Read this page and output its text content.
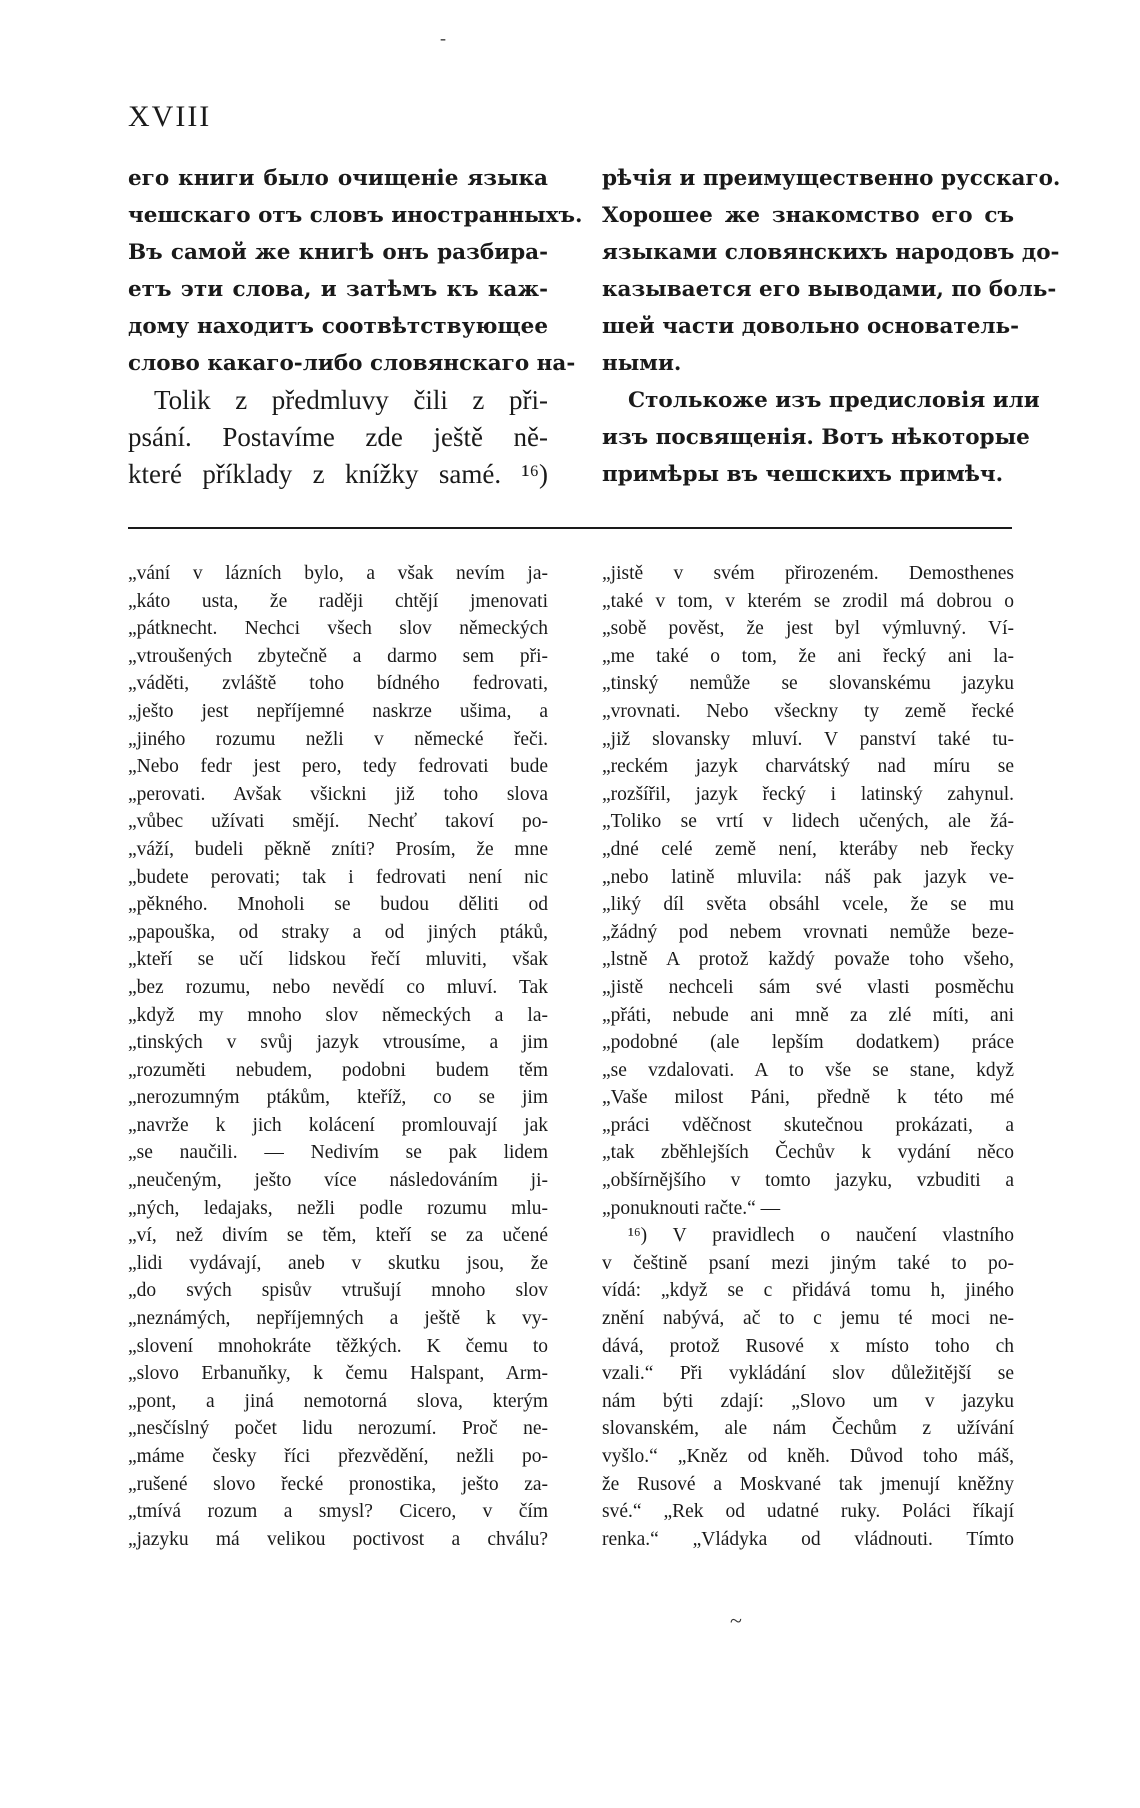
-
XVIII
его книги было очищеніе языка
чешскаго отъ словъ иностранныхъ.
Въ самой же книгѣ онъ разбира-
етъ эти слова, и затѣмъ къ каж-
дому находитъ соотвѣтствующее
слово какаго-либо словянскаго на-
Tolik z předmluvy čili z při-
psání. Postavíme zde ještě ně-
které příklady z knížky samé. ¹⁶)
рѣчія и преимущественно русскаго.
Хорошее же знакомство его съ
языками словянскихъ народовъ до-
казывается его выводами, по боль-
шей части довольно основатель-
ными.
Столькоже изъ предисловія или
изъ посвященія. Вотъ нѣкоторые
примѣры въ чешскихъ примѣч.
„vání v lázních bylo, a však nevím ja-
„káto usta, že raději chtějí jmenovati
„pátknecht. Nechci všech slov německých
„vtroušených zbytečně a darmo sem při-
„váděti, zvláště toho bídného fedrovati,
„ješto jest nepříjemné naskrze ušima, a
„jiného rozumu nežli v německé řeči.
„Nebo fedr jest pero, tedy fedrovati bude
„perovati. Avšak všickni již toho slova
„vůbec užívati smějí. Nechť takoví po-
„váží, budeli pěkně zníti? Prosím, že mne
„budete perovati; tak i fedrovati není nic
„pěkného. Mnoholi se budou děliti od
„papouška, od straky a od jiných ptáků,
„kteří se učí lidskou řečí mluviti, však
„bez rozumu, nebo nevědí co mluví. Tak
„když my mnoho slov německých a la-
„tinských v svůj jazyk vtrousíme, a jim
„rozuměti nebudem, podobni budem těm
„nerozumným ptákům, kteříž, co se jim
„navrže k jich kolácení promlouvají jak
„se naučili. — Nedivím se pak lidem
„neučeným, ješto více následováním ji-
„ných, ledajaks, nežli podle rozumu mlu-
„ví, než divím se těm, kteří se za učené
„lidi vydávají, aneb v skutku jsou, že
„do svých spisův vtrušují mnoho slov
„neznámých, nepříjemných a ještě k vy-
„slovení mnohokráte těžkých. K čemu to
„slovo Erbanuňky, k čemu Halspant, Arm-
„pont, a jiná nemotorná slova, kterým
„nesčíslný počet lidu nerozumí. Proč ne-
„máme česky říci přezvědění, nežli po-
„rušené slovo řecké pronostika, ješto za-
„tmívá rozum a smysl? Cicero, v čím
„jazyku má velikou poctivost a chválu?
„jistě v svém přirozeném. Demosthenes
„také v tom, v kterém se zrodil má dobrou o
„sobě pověst, že jest byl výmluvný. Ví-
„me také o tom, že ani řecký ani la-
„tinský nemůže se slovanskému jazyku
„vrovnati. Nebo všeckny ty země řecké
„již slovansky mluví. V panství také tu-
„reckém jazyk charvátský nad míru se
„rozšířil, jazyk řecký i latinský zahynul.
„Toliko se vrtí v lidech učených, ale žá-
„dné celé země není, kteráby neb řecky
„nebo latině mluvila: náš pak jazyk ve-
„liký díl světa obsáhl vcele, že se mu
„žádný pod nebem vrovnati nemůže beze-
„lstně A protož každý považe toho všeho,
„jistě nechceli sám své vlasti posměchu
„přáti, nebude ani mně za zlé míti, ani
„podobné (ale lepším dodatkem) práce
„se vzdalovati. A to vše se stane, když
„Vaše milost Páni, předně k této mé
„práci vděčnost skutečnou prokázati, a
„tak zběhlejších Čechův k vydání něco
„obšírnějšího v tomto jazyku, vzbuditi a
„ponuknouti račte.“ —
¹⁶) V pravidlech o naučení vlastního
v češtině psaní mezi jiným také to po-
vídá: „když se c přidává tomu h, jiného
znění nabývá, ač to c jemu té moci ne-
dává, protož Rusové x místo toho ch
vzali.“ Při vykládání slov důležitější se
nám býti zdají: „Slovo um v jazyku
slovanském, ale nám Čechům z užívání
vyšlo.“ „Kněz od kněh. Důvod toho máš,
že Rusové a Moskvané tak jmenují kněžny
své.“ „Rek od udatné ruky. Poláci říkají
renka.“ „Vládyka od vládnouti. Tímto
~
